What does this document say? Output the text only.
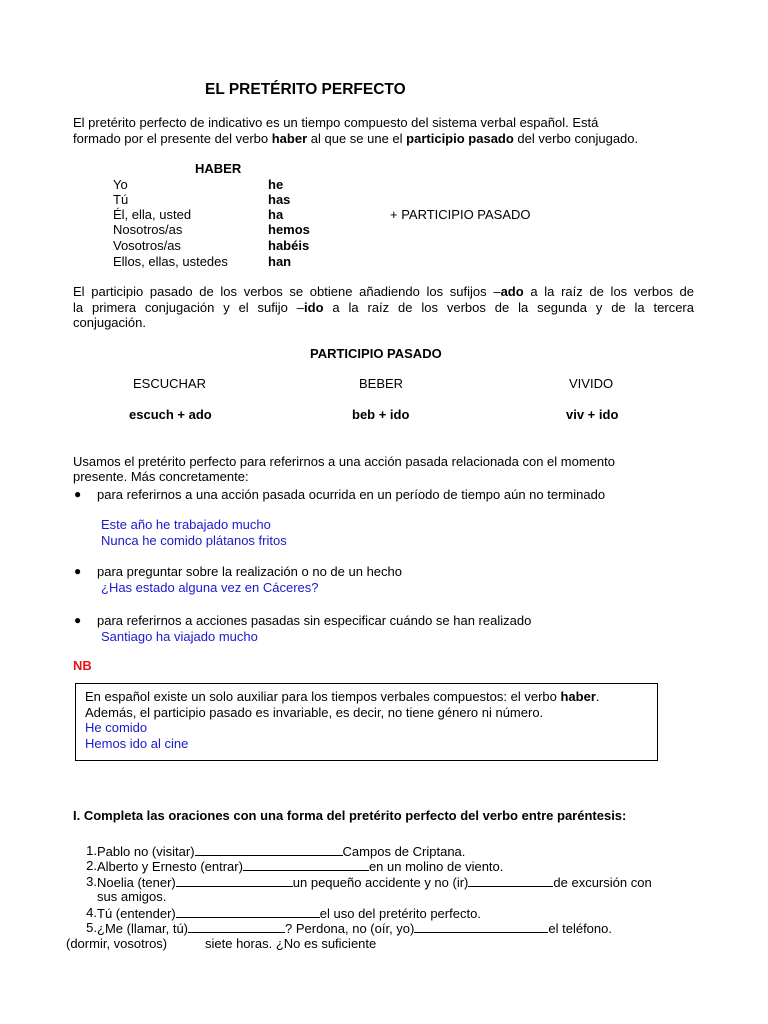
EL PRETÉRITO PERFECTO
El pretérito perfecto de indicativo es un tiempo compuesto del sistema verbal español. Está
formado por el presente del verbo haber al que se une el participio pasado del verbo conjugado.
HABER
Yo	he
Tú	has
Él, ella, usted	ha	+ PARTICIPIO PASADO
Nosotros/as	hemos
Vosotros/as	habéis
Ellos, ellas, ustedes	han
El participio pasado de los verbos se obtiene añadiendo los sufijos –ado a la raíz de los verbos de
la primera conjugación y el sufijo –ido a la raíz de los verbos de la segunda y de la tercera
conjugación.
PARTICIPIO PASADO
ESCUCHAR	BEBER	VIVIDO
escuch + ado	beb + ido	viv + ido
Usamos el pretérito perfecto para referirnos a una acción pasada relacionada con el momento
presente. Más concretamente:
● para referirnos a una acción pasada ocurrida en un período de tiempo aún no terminado
Este año he trabajado mucho
Nunca he comido plátanos fritos
● para preguntar sobre la realización o no de un hecho
¿Has estado alguna vez en Cáceres?
● para referirnos a acciones pasadas sin especificar cuándo se han realizado
Santiago ha viajado mucho
NB
En español existe un solo auxiliar para los tiempos verbales compuestos: el verbo haber.
Además, el participio pasado es invariable, es decir, no tiene género ni número.
He comido
Hemos ido al cine
I. Completa las oraciones con una forma del pretérito perfecto del verbo entre paréntesis:
1. Pablo no (visitar)	Campos de Criptana.
2. Alberto y Ernesto (entrar)	en un molino de viento.
3. Noelia (tener)	un pequeño accidente y no (ir)	de excursión con
sus amigos.
4. Tú (entender)	el uso del pretérito perfecto.
5. ¿Me (llamar, tú)	? Perdona, no (oír, yo)	el teléfono.
(dormir, vosotros)	siete horas. ¿No es suficiente
